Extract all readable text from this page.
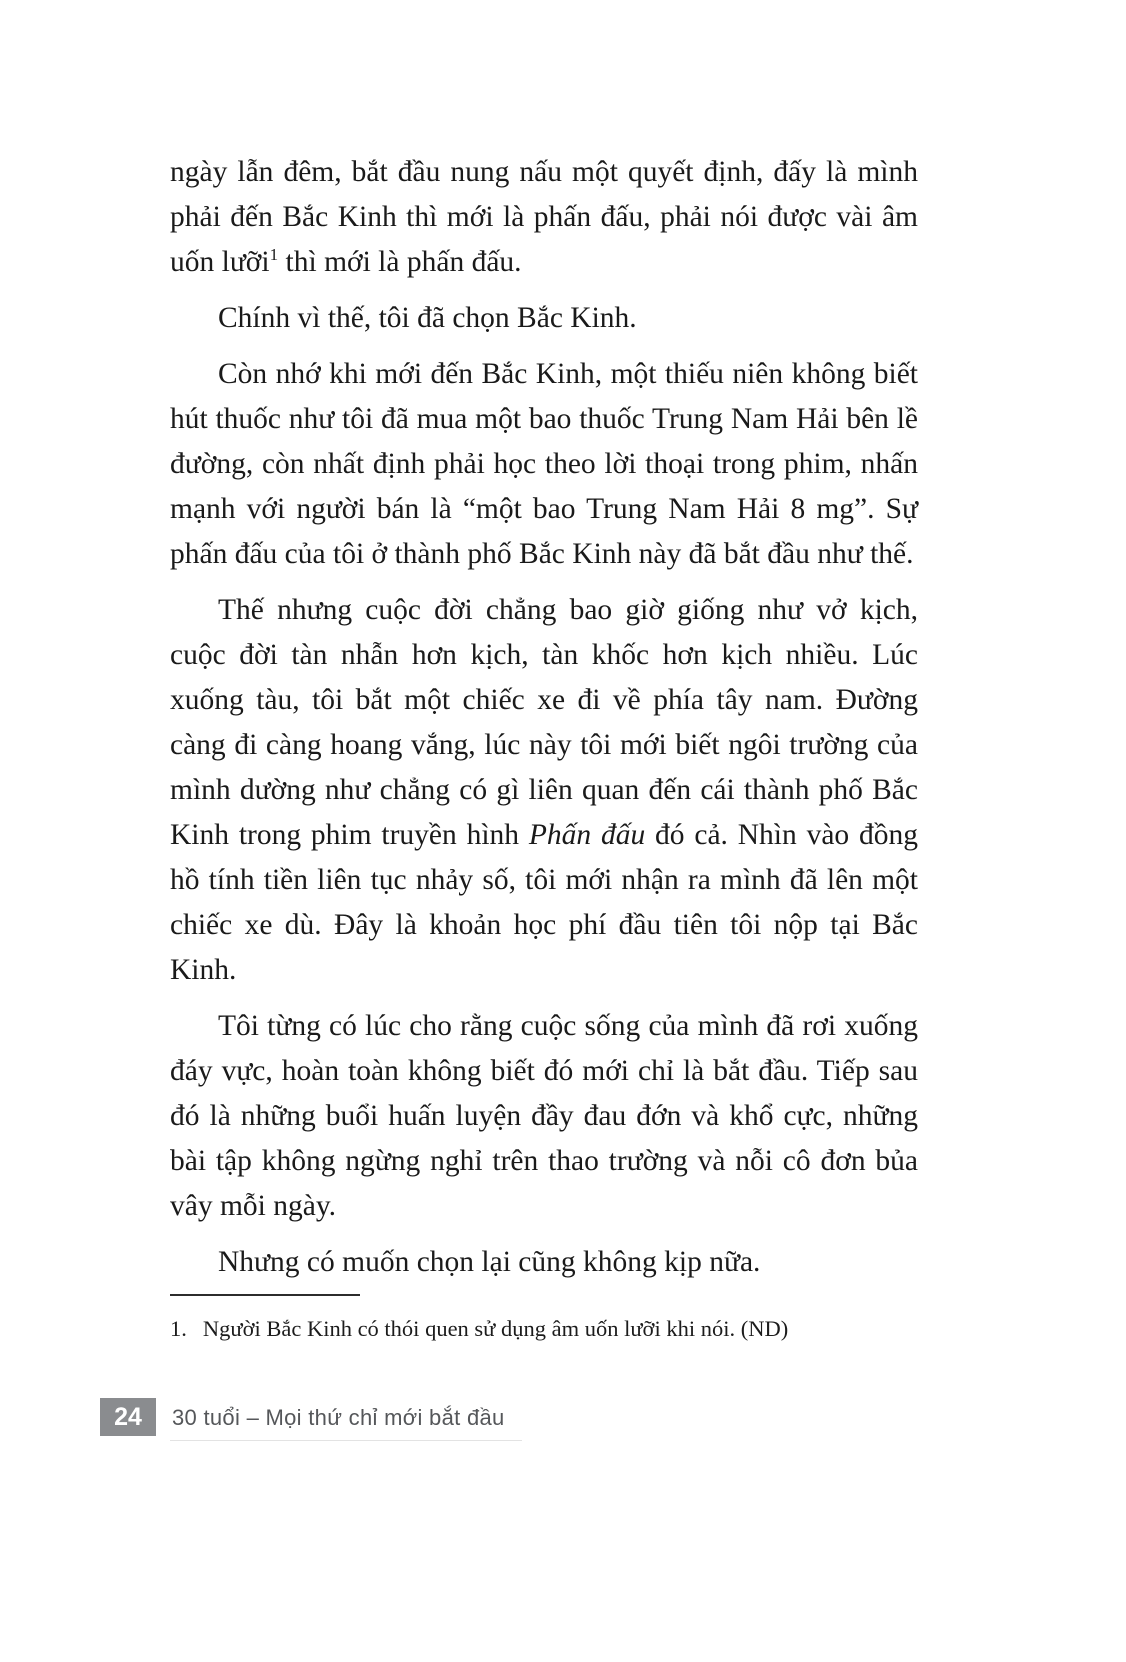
ngày lẫn đêm, bắt đầu nung nấu một quyết định, đấy là mình phải đến Bắc Kinh thì mới là phấn đấu, phải nói được vài âm uốn lưỡi$^1$ thì mới là phấn đấu.

Chính vì thế, tôi đã chọn Bắc Kinh.

Còn nhớ khi mới đến Bắc Kinh, một thiếu niên không biết hút thuốc như tôi đã mua một bao thuốc Trung Nam Hải bên lề đường, còn nhất định phải học theo lời thoại trong phim, nhấn mạnh với người bán là “một bao Trung Nam Hải 8 mg”. Sự phấn đấu của tôi ở thành phố Bắc Kinh này đã bắt đầu như thế.

Thế nhưng cuộc đời chẳng bao giờ giống như vở kịch, cuộc đời tàn nhẫn hơn kịch, tàn khốc hơn kịch nhiều. Lúc xuống tàu, tôi bắt một chiếc xe đi về phía tây nam. Đường càng đi càng hoang vắng, lúc này tôi mới biết ngôi trường của mình dường như chẳng có gì liên quan đến cái thành phố Bắc Kinh trong phim truyền hình Phấn đấu đó cả. Nhìn vào đồng hồ tính tiền liên tục nhảy số, tôi mới nhận ra mình đã lên một chiếc xe dù. Đây là khoản học phí đầu tiên tôi nộp tại Bắc Kinh.

Tôi từng có lúc cho rằng cuộc sống của mình đã rơi xuống đáy vực, hoàn toàn không biết đó mới chỉ là bắt đầu. Tiếp sau đó là những buổi huấn luyện đầy đau đớn và khổ cực, những bài tập không ngừng nghỉ trên thao trường và nỗi cô đơn bủa vây mỗi ngày.

Nhưng có muốn chọn lại cũng không kịp nữa.

1. Người Bắc Kinh có thói quen sử dụng âm uốn lưỡi khi nói. (ND)
24 30 tuổi – Mọi thứ chỉ mới bắt đầu
